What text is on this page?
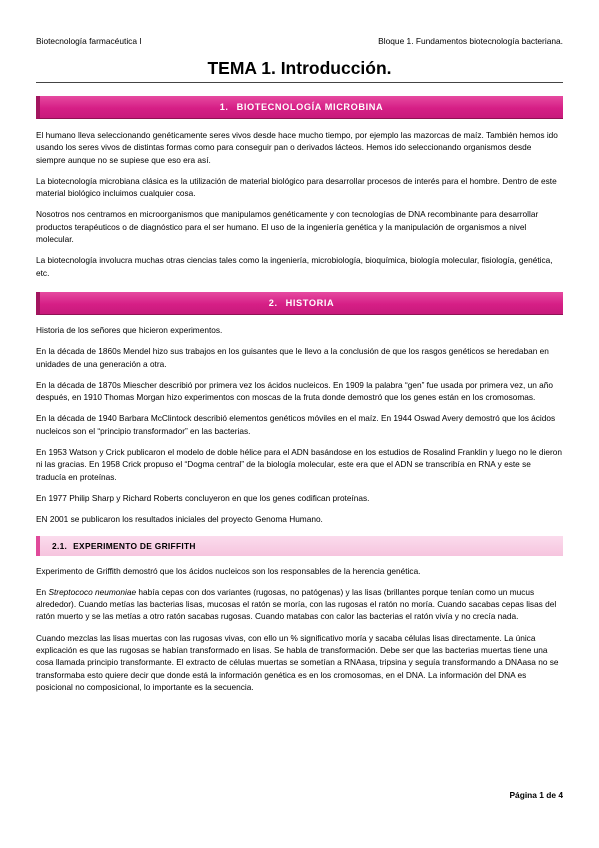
Biotecnología farmacéutica I	Bloque 1. Fundamentos biotecnología bacteriana.
TEMA 1. Introducción.
1. BIOTECNOLOGÍA MICROBINA

El humano lleva seleccionando genéticamente seres vivos desde hace mucho tiempo, por ejemplo las mazorcas de maíz. También hemos ido usando los seres vivos de distintas formas como para conseguir pan o derivados lácteos. Hemos ido seleccionando organismos desde siempre aunque no se supiese que eso era así.

La biotecnología microbiana clásica es la utilización de material biológico para desarrollar procesos de interés para el hombre. Dentro de este material biológico incluimos cualquier cosa.

Nosotros nos centramos en microorganismos que manipulamos genéticamente y con tecnologías de DNA recombinante para desarrollar productos terapéuticos o de diagnóstico para el ser humano. El uso de la ingeniería genética y la manipulación de organismos a nivel molecular.

La biotecnología involucra muchas otras ciencias tales como la ingeniería, microbiología, bioquímica, biología molecular, fisiología, genética, etc.

2. HISTORIA

Historia de los señores que hicieron experimentos.

En la década de 1860s Mendel hizo sus trabajos en los guisantes que le llevo a la conclusión de que los rasgos genéticos se heredaban en unidades de una generación a otra.

En la década de 1870s Miescher describió por primera vez los ácidos nucleicos. En 1909 la palabra “gen” fue usada por primera vez, un año después, en 1910 Thomas Morgan hizo experimentos con moscas de la fruta donde demostró que los genes están en los cromosomas.

En la década de 1940 Barbara McClintock describió elementos genéticos móviles en el maíz. En 1944 Oswad Avery demostró que los ácidos nucleicos son el “principio transformador” en las bacterias.

En 1953 Watson y Crick publicaron el modelo de doble hélice para el ADN basándose en los estudios de Rosalind Franklin y luego no le dieron ni las gracias. En 1958 Crick propuso el “Dogma central” de la biología molecular, este era que el ADN se transcribía en RNA y este se traducía en proteínas.

En 1977 Philip Sharp y Richard Roberts concluyeron en que los genes codifican proteínas.

EN 2001 se publicaron los resultados iniciales del proyecto Genoma Humano.

2.1. EXPERIMENTO DE GRIFFITH

Experimento de Griffith demostró que los ácidos nucleicos son los responsables de la herencia genética.

En Streptococo neumoniae había cepas con dos variantes (rugosas, no patógenas) y las lisas (brillantes porque tenían como un mucus alrededor). Cuando metías las bacterias lisas, mucosas el ratón se moría, con las rugosas el ratón no moría. Cuando sacabas cepas lisas del ratón muerto y se las metías a otro ratón sacabas rugosas. Cuando matabas con calor las bacterias el ratón vivía y no crecía nada.

Cuando mezclas las lisas muertas con las rugosas vivas, con ello un % significativo moría y sacaba células lisas directamente. La única explicación es que las rugosas se habían transformado en lisas. Se habla de transformación. Debe ser que las bacterias muertas tiene una cosa llamada principio transformante. El extracto de células muertas se sometían a RNAasa, tripsina y seguía transformando a DNAasa no se transformaba esto quiere decir que donde está la información genética es en los cromosomas, en el DNA. La información del DNA es posicional no composicional, lo importante es la secuencia.

Página 1 de 4
